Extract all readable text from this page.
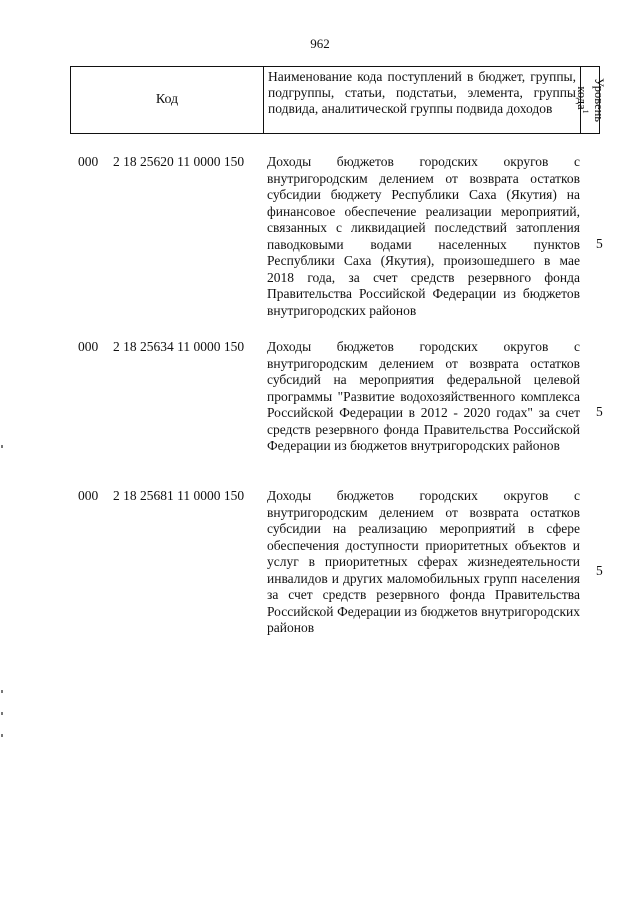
962
Код
Наименование кода поступлений в бюджет, группы, подгруппы, статьи, подстатьи, элемента, группы подвида, аналитической группы подвида доходов	Уровень
кода$^1$
000 2 18 25620 11 0000 150 Доходы бюджетов городских округов с внутригородским делением от возврата остатков субсидии бюджету Республики Саха (Якутия) на финансовое обеспечение реализации мероприятий, связанных с ликвидацией последствий затопления паводковыми водами населенных пунктов Республики Саха (Якутия), произошедшего в мае 2018 года, за счет средств резервного фонда Правительства Российской Федерации из бюджетов внутригородских районов
5
000 2 18 25634 11 0000 150 Доходы бюджетов городских округов с внутригородским делением от возврата остатков субсидий на мероприятия федеральной целевой программы "Развитие водохозяйственного комплекса Российской Федерации в 2012 - 2020 годах" за счет средств резервного фонда Правительства Российской Федерации из бюджетов внутригородских районов
5
000 2 18 25681 11 0000 150 Доходы бюджетов городских округов с внутригородским делением от возврата остатков субсидии на реализацию мероприятий в сфере обеспечения доступности приоритетных объектов и услуг в приоритетных сферах жизнедеятельности инвалидов и других маломобильных групп населения за счет средств резервного фонда Правительства Российской Федерации из бюджетов внутригородских районов
5
